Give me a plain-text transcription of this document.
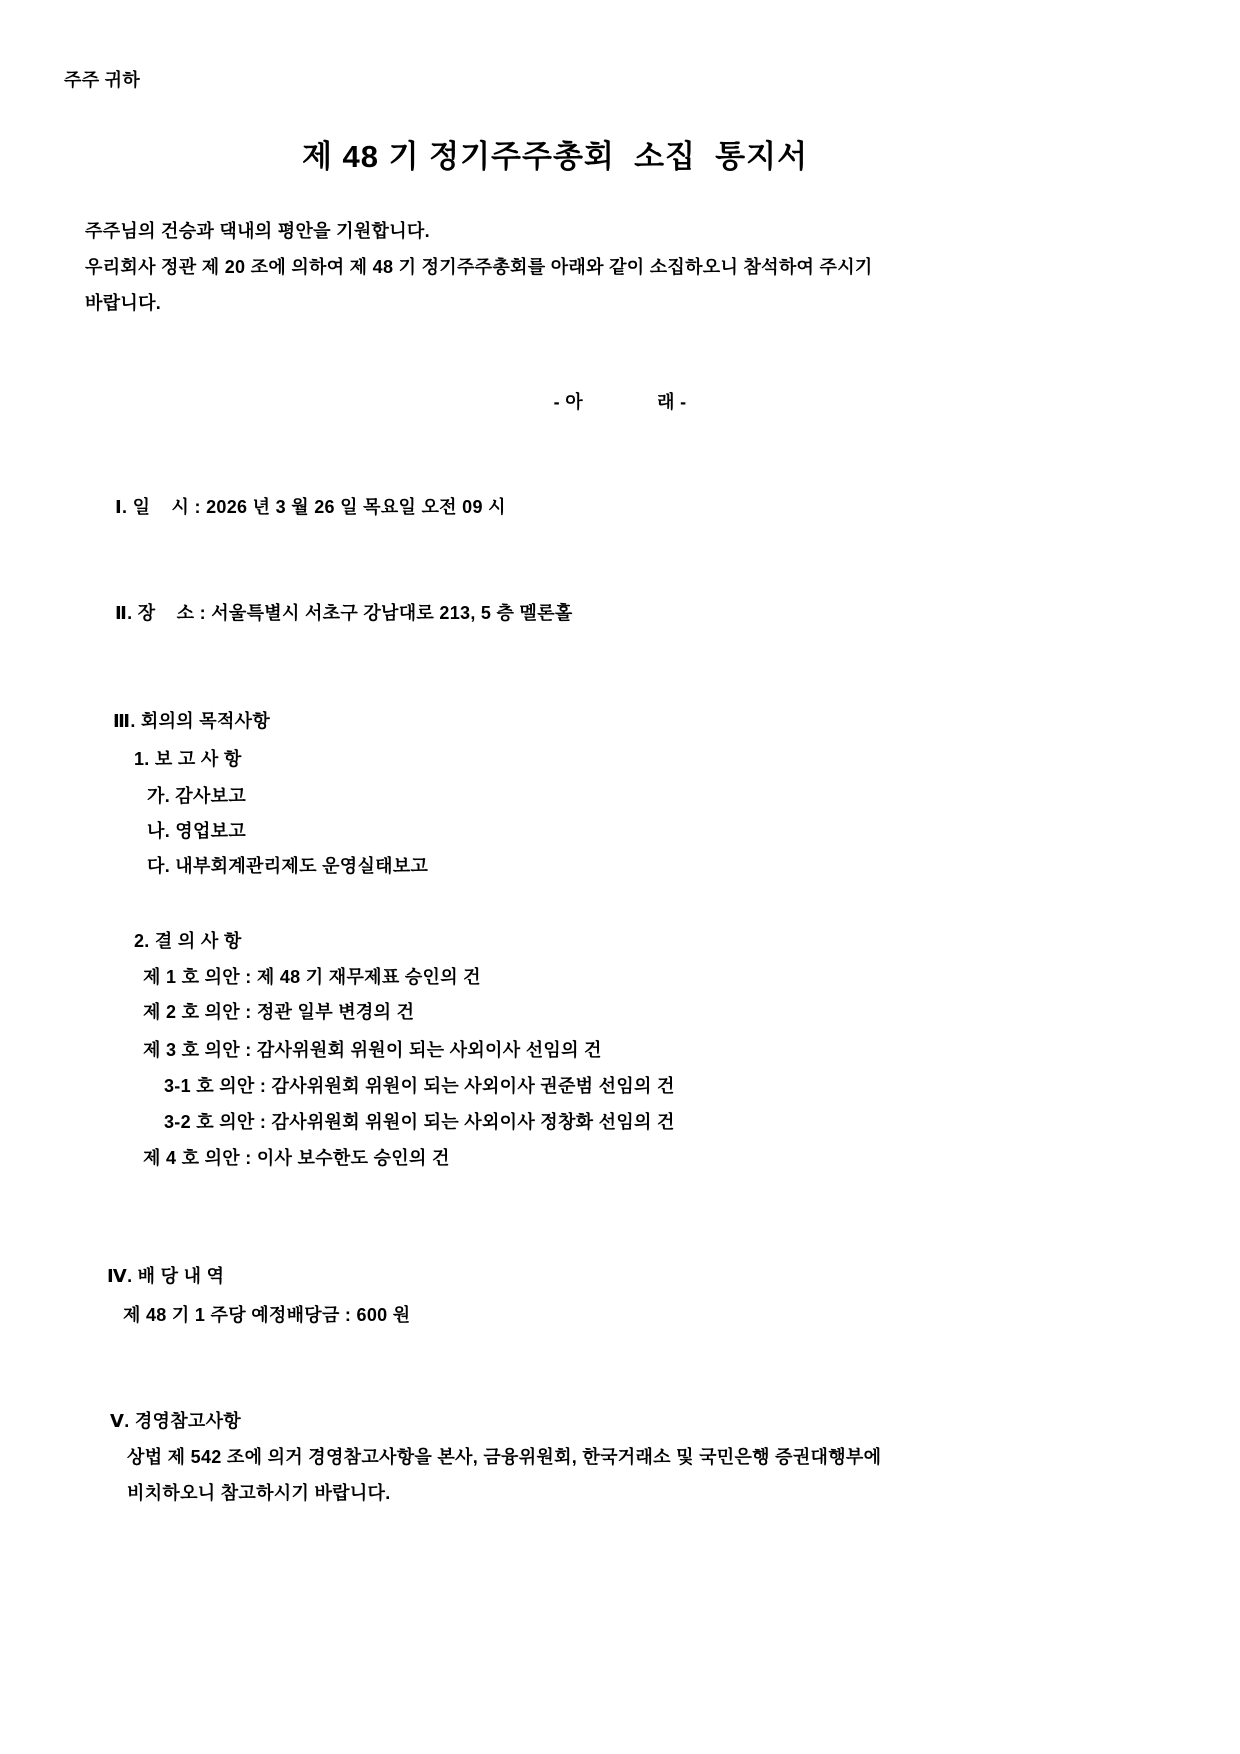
주주 귀하
제 48 기 정기주주총회  소집  통지서
주주님의 건승과 댁내의 평안을 기원합니다.
우리회사 정관 제 20 조에 의하여 제 48 기 정기주주총회를 아래와 같이 소집하오니 참석하여 주시기
바랍니다.
- 아              래 -
Ⅰ. 일    시 : 2026 년 3 월 26 일 목요일 오전 09 시
Ⅱ. 장    소 : 서울특별시 서초구 강남대로 213, 5 층 멜론홀
Ⅲ. 회의의 목적사항
1. 보 고 사 항
가. 감사보고
나. 영업보고
다. 내부회계관리제도 운영실태보고
2. 결 의 사 항
제 1 호 의안 : 제 48 기 재무제표 승인의 건
제 2 호 의안 : 정관 일부 변경의 건
제 3 호 의안 : 감사위원회 위원이 되는 사외이사 선임의 건
3-1 호 의안 : 감사위원회 위원이 되는 사외이사 권준범 선임의 건
3-2 호 의안 : 감사위원회 위원이 되는 사외이사 정창화 선임의 건
제 4 호 의안 : 이사 보수한도 승인의 건
Ⅳ. 배 당 내 역
제 48 기 1 주당 예정배당금 : 600 원
Ⅴ. 경영참고사항
상법 제 542 조에 의거 경영참고사항을 본사, 금융위원회, 한국거래소 및 국민은행 증권대행부에
비치하오니 참고하시기 바랍니다.
